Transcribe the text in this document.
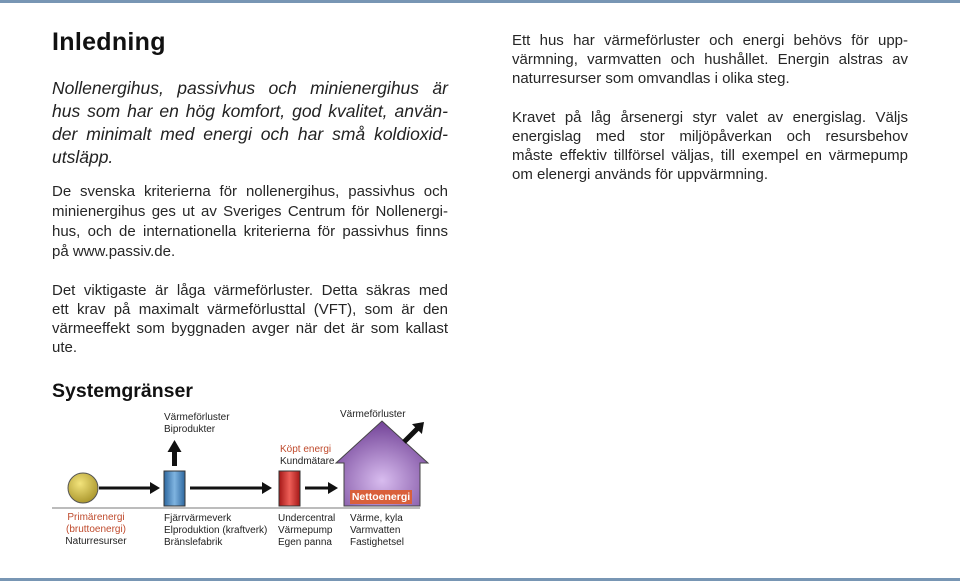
Inledning
Nollenergihus, passivhus och minienergihus är
hus som har en hög komfort, god kvalitet, använ-
der minimalt med energi och har små koldioxid-
utsläpp.
De svenska kriterierna för nollenergihus, passivhus och
minienergihus ges ut av Sveriges Centrum för Nollenergi-
hus, och de internationella kriterierna för passivhus finns
på www.passiv.de.
Det viktigaste är låga värmeförluster. Detta säkras med
ett krav på maximalt värmeförlusttal (VFT), som är den
värmeeffekt som byggnaden avger när det är som kallast
ute.
Ett hus har värmeförluster och energi behövs för upp-
värmning, varmvatten och hushållet. Energin alstras av
naturresurser som omvandlas i olika steg.
Kravet på låg årsenergi styr valet av energislag. Väljs
energislag med stor miljöpåverkan och resursbehov
måste effektiv tillförsel väljas, till exempel en värmepump
om elenergi används för uppvärmning.
Systemgränser
Värmeförluster
Biprodukter
Köpt energi
Kundmätare
Värmeförluster
Nettoenergi
Primärenergi
(bruttoenergi)
Naturresurser
Fjärrvärmeverk
Elproduktion (kraftverk)
Bränslefabrik
Undercentral
Värmepump
Egen panna
Värme, kyla
Varmvatten
Fastighetsel
